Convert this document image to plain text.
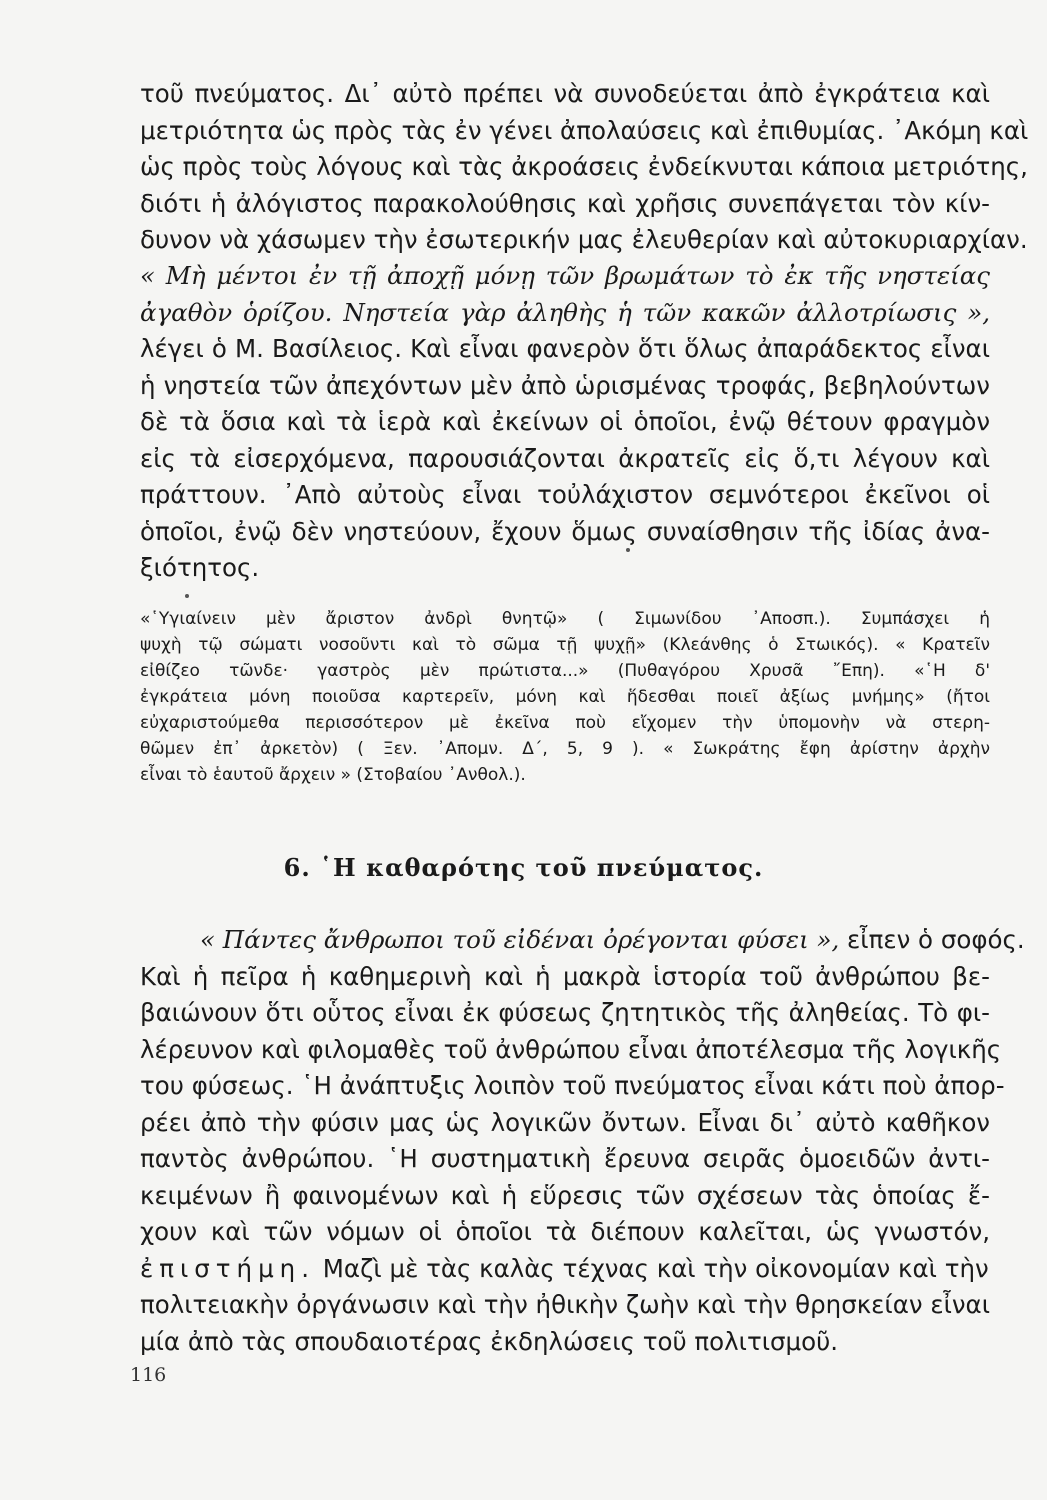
τοῦ πνεύματος. Δι᾿ αὐτὸ πρέπει νὰ συνοδεύεται ἀπὸ ἐγκράτεια καὶ
μετριότητα ὡς πρὸς τὰς ἐν γένει ἀπολαύσεις καὶ ἐπιθυμίας. ᾿Ακόμη καὶ
ὡς πρὸς τοὺς λόγους καὶ τὰς ἀκροάσεις ἐνδείκνυται κάποια μετριότης,
διότι ἡ ἀλόγιστος παρακολούθησις καὶ χρῆσις συνεπάγεται τὸν κίν-
δυνον νὰ χάσωμεν τὴν ἐσωτερικήν μας ἐλευθερίαν καὶ αὐτοκυριαρχίαν.
« Μὴ μέντοι ἐν τῇ ἀποχῇ μόνῃ τῶν βρωμάτων τὸ ἐκ τῆς νηστείας
ἀγαθὸν ὁρίζου. Νηστεία γὰρ ἀληθὴς ἡ τῶν κακῶν ἀλλοτρίωσις »,
λέγει ὁ Μ. Βασίλειος. Καὶ εἶναι φανερὸν ὅτι ὅλως ἀπαράδεκτος εἶναι
ἡ νηστεία τῶν ἀπεχόντων μὲν ἀπὸ ὡρισμένας τροφάς, βεβηλούντων
δὲ τὰ ὅσια καὶ τὰ ἱερὰ καὶ ἐκείνων οἱ ὁποῖοι, ἐνῷ θέτουν φραγμὸν
εἰς τὰ εἰσερχόμενα, παρουσιάζονται ἀκρατεῖς εἰς ὅ,τι λέγουν καὶ
πράττουν. ᾿Απὸ αὐτοὺς εἶναι τοὐλάχιστον σεμνότεροι ἐκεῖνοι οἱ
ὁποῖοι, ἐνῷ δὲν νηστεύουν, ἔχουν ὅμως συναίσθησιν τῆς ἰδίας ἀνα-
ξιότητος.
«῾Υγιαίνειν μὲν ἄριστον ἀνδρὶ θνητῷ» ( Σιμωνίδου ᾿Αποσπ.). Συμπάσχει ἡ
ψυχὴ τῷ σώματι νοσοῦντι καὶ τὸ σῶμα τῇ ψυχῇ» (Κλεάνθης ὁ Στωικός). « Κρατεῖν
εἰθίζεο τῶνδε· γαστρὸς μὲν πρώτιστα...» (Πυθαγόρου Χρυσᾶ ῎Επη). «῾Η δ'
ἐγκράτεια μόνη ποιοῦσα καρτερεῖν, μόνη καὶ ἥδεσθαι ποιεῖ ἀξίως μνήμης» (ἤτοι
εὐχαριστούμεθα περισσότερον μὲ ἐκεῖνα ποὺ εἴχομεν τὴν ὑπομονὴν νὰ στερη-
θῶμεν ἐπ᾿ ἀρκετὸν) ( Ξεν. ᾿Απομν. Δ΄, 5, 9 ). « Σωκράτης ἔφη ἀρίστην ἀρχὴν
εἶναι τὸ ἑαυτοῦ ἄρχειν » (Στοβαίου ᾿Ανθολ.).
6. ῾Η καθαρότης τοῦ πνεύματος.
« Πάντες ἄνθρωποι τοῦ εἰδέναι ὀρέγονται φύσει », εἶπεν ὁ σοφός.
Καὶ ἡ πεῖρα ἡ καθημερινὴ καὶ ἡ μακρὰ ἱστορία τοῦ ἀνθρώπου βε-
βαιώνουν ὅτι οὗτος εἶναι ἐκ φύσεως ζητητικὸς τῆς ἀληθείας. Τὸ φι-
λέρευνον καὶ φιλομαθὲς τοῦ ἀνθρώπου εἶναι ἀποτέλεσμα τῆς λογικῆς
του φύσεως. ῾Η ἀνάπτυξις λοιπὸν τοῦ πνεύματος εἶναι κάτι ποὺ ἀπορ-
ρέει ἀπὸ τὴν φύσιν μας ὡς λογικῶν ὄντων. Εἶναι δι᾿ αὐτὸ καθῆκον
παντὸς ἀνθρώπου. ῾Η συστηματικὴ ἔρευνα σειρᾶς ὁμοειδῶν ἀντι-
κειμένων ἢ φαινομένων καὶ ἡ εὕρεσις τῶν σχέσεων τὰς ὁποίας ἔ-
χουν καὶ τῶν νόμων οἱ ὁποῖοι τὰ διέπουν καλεῖται, ὡς γνωστόν,
ἐπιστήμη. Μαζὶ μὲ τὰς καλὰς τέχνας καὶ τὴν οἰκονομίαν καὶ τὴν
πολιτειακὴν ὀργάνωσιν καὶ τὴν ἠθικὴν ζωὴν καὶ τὴν θρησκείαν εἶναι
μία ἀπὸ τὰς σπουδαιοτέρας ἐκδηλώσεις τοῦ πολιτισμοῦ.
116
